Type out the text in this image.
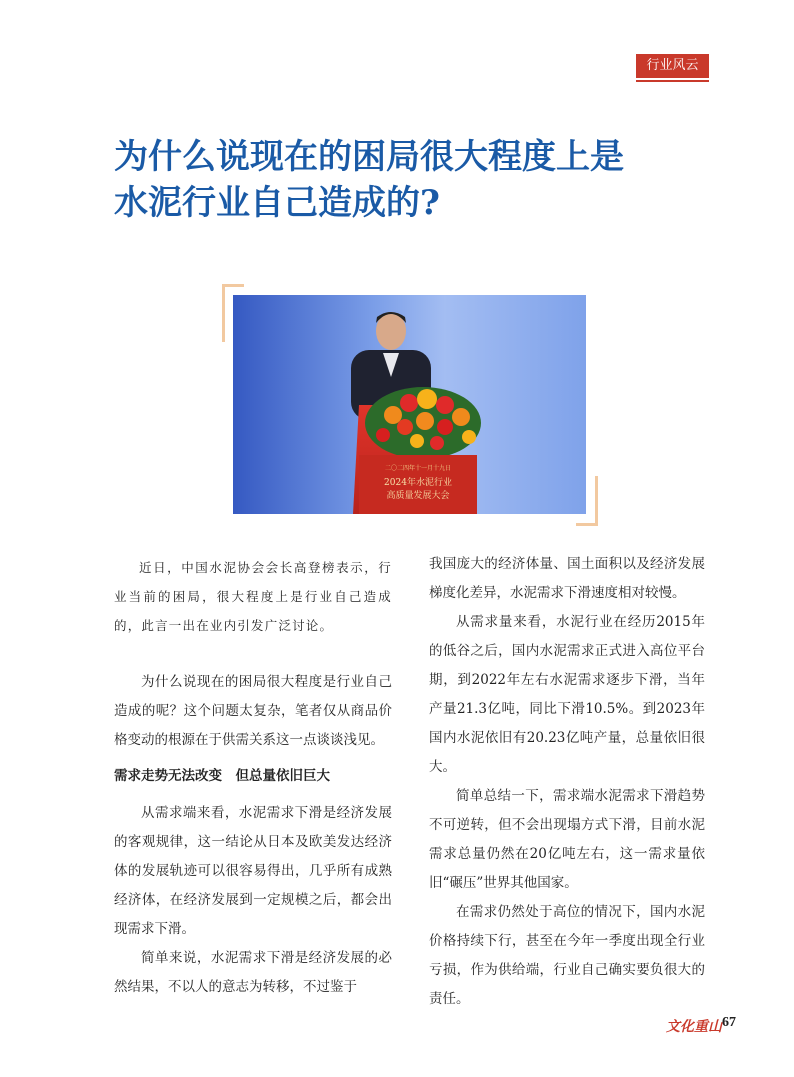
行业风云
为什么说现在的困局很大程度上是
水泥行业自己造成的?
二〇二四年十一月十九日
2024年水泥行业
高质量发展大会

近日，中国水泥协会会长高登榜表示，行业当前的困局，很大程度上是行业自己造成的，此言一出在业内引发广泛讨论。

为什么说现在的困局很大程度是行业自己造成的呢？这个问题太复杂，笔者仅从商品价格变动的根源在于供需关系这一点谈谈浅见。

需求走势无法改变　但总量依旧巨大

从需求端来看，水泥需求下滑是经济发展的客观规律，这一结论从日本及欧美发达经济体的发展轨迹可以很容易得出，几乎所有成熟经济体，在经济发展到一定规模之后，都会出现需求下滑。

简单来说，水泥需求下滑是经济发展的必然结果，不以人的意志为转移，不过鉴于

我国庞大的经济体量、国土面积以及经济发展梯度化差异，水泥需求下滑速度相对较慢。

从需求量来看，水泥行业在经历2015年的低谷之后，国内水泥需求正式进入高位平台期，到2022年左右水泥需求逐步下滑，当年产量21.3亿吨，同比下滑10.5%。到2023年国内水泥依旧有20.23亿吨产量，总量依旧很大。

简单总结一下，需求端水泥需求下滑趋势不可逆转，但不会出现塌方式下滑，目前水泥需求总量仍然在20亿吨左右，这一需求量依旧“碾压”世界其他国家。

在需求仍然处于高位的情况下，国内水泥价格持续下行，甚至在今年一季度出现全行业亏损，作为供给端，行业自己确实要负很大的责任。

文化重山 67
